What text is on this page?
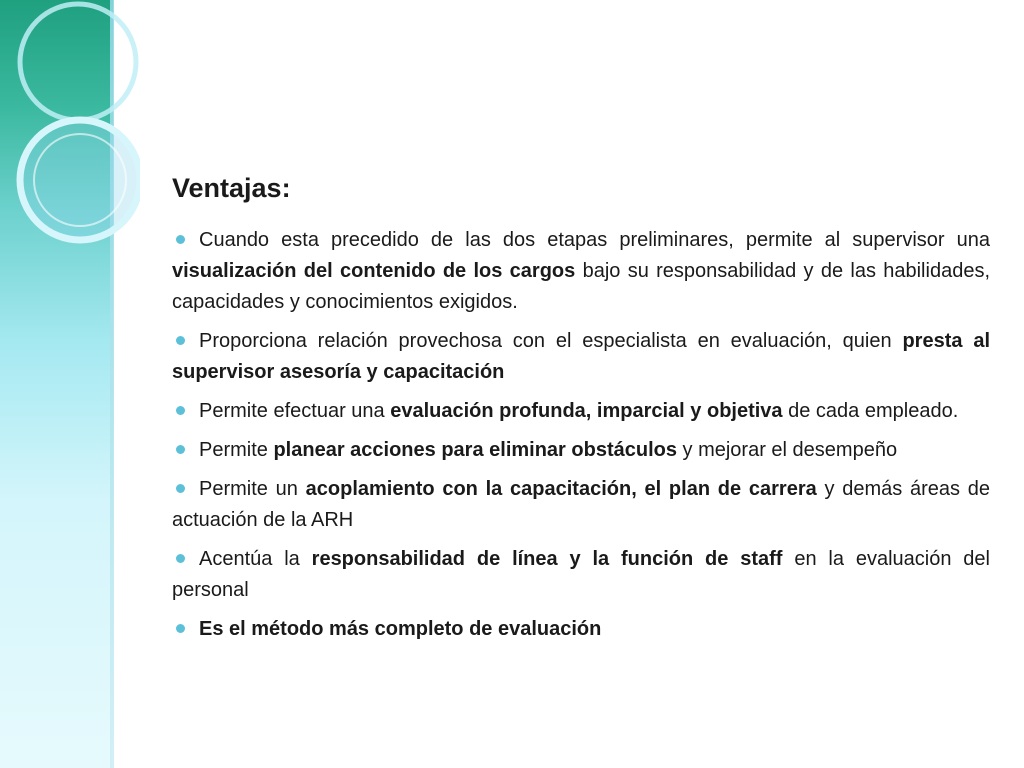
Ventajas:
Cuando esta precedido de las dos etapas preliminares, permite al supervisor una visualización del contenido de los cargos bajo su responsabilidad y de las habilidades, capacidades y conocimientos exigidos.
Proporciona relación provechosa con el especialista en evaluación, quien presta al supervisor asesoría y capacitación
Permite efectuar una evaluación profunda, imparcial y objetiva de cada empleado.
Permite planear acciones para eliminar obstáculos y mejorar el desempeño
Permite un acoplamiento con la capacitación, el plan de carrera y demás áreas de actuación de la ARH
Acentúa la responsabilidad de línea y la función de staff en la evaluación del personal
Es el método más completo de evaluación
